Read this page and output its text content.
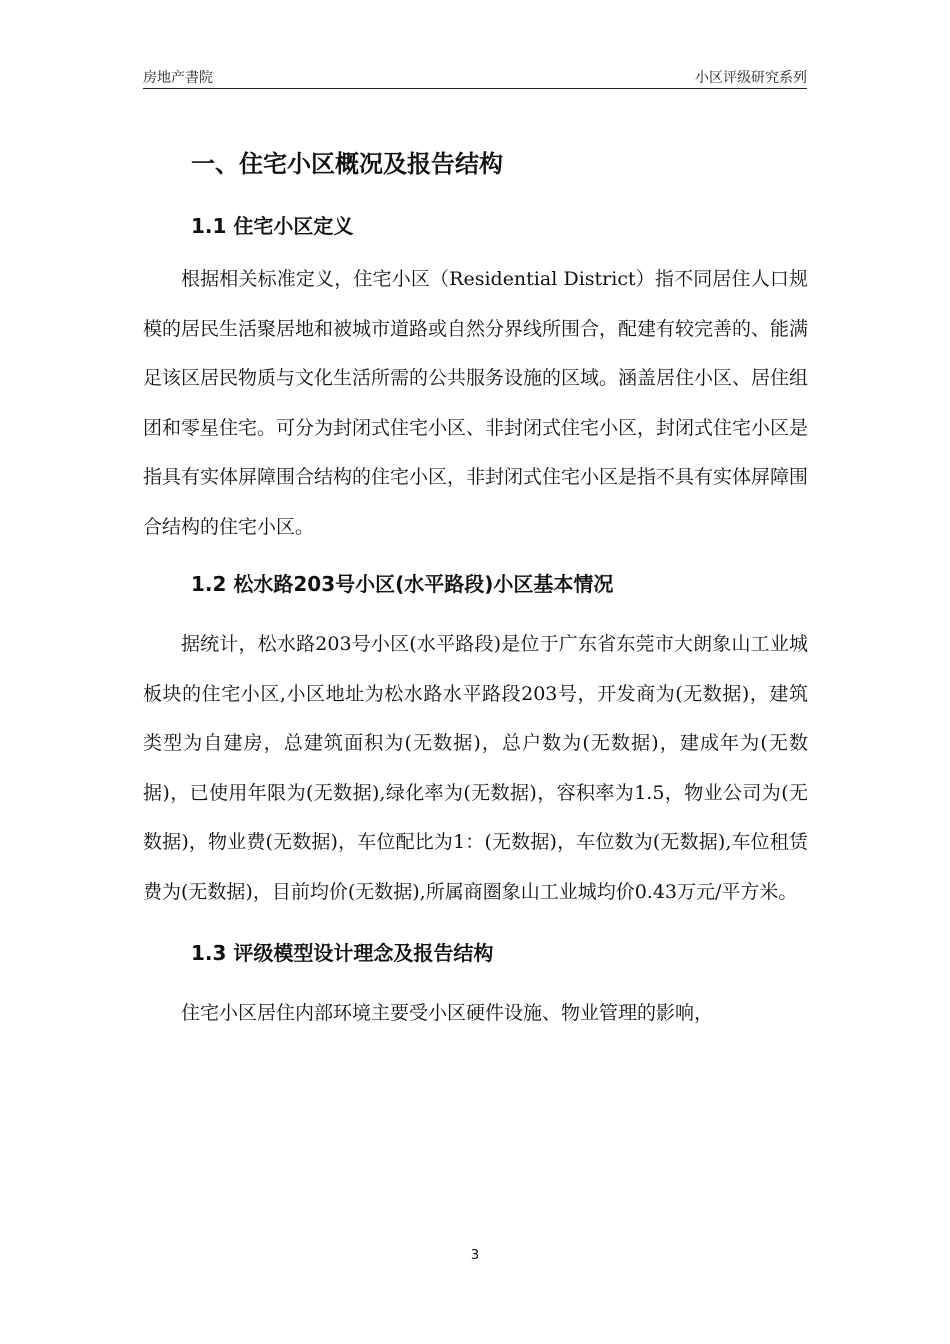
房地产書院	小区评级研究系列
一、住宅小区概况及报告结构
1.1 住宅小区定义

根据相关标准定义，住宅小区（Residential District）指不同居住人口规模的居民生活聚居地和被城市道路或自然分界线所围合，配建有较完善的、能满足该区居民物质与文化生活所需的公共服务设施的区域。涵盖居住小区、居住组团和零星住宅。可分为封闭式住宅小区、非封闭式住宅小区，封闭式住宅小区是指具有实体屏障围合结构的住宅小区，非封闭式住宅小区是指不具有实体屏障围合结构的住宅小区。

1.2 松水路203号小区(水平路段)小区基本情况

据统计，松水路203号小区(水平路段)是位于广东省东莞市大朗象山工业城板块的住宅小区,小区地址为松水路水平路段203号，开发商为(无数据)，建筑类型为自建房，总建筑面积为(无数据)，总户数为(无数据)，建成年为(无数据)，已使用年限为(无数据),绿化率为(无数据)，容积率为1.5，物业公司为(无数据)，物业费(无数据)，车位配比为1：(无数据)，车位数为(无数据),车位租赁费为(无数据)，目前均价(无数据),所属商圈象山工业城均价0.43万元/平方米。

1.3 评级模型设计理念及报告结构

住宅小区居住内部环境主要受小区硬件设施、物业管理的影响，

3
